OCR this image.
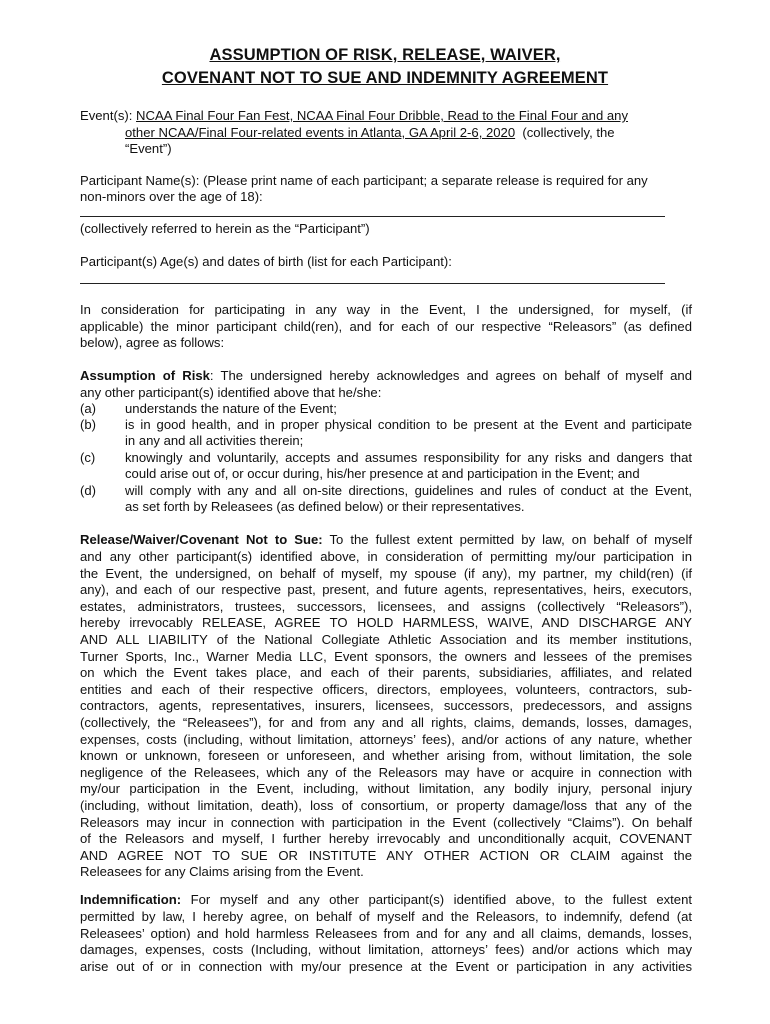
ASSUMPTION OF RISK, RELEASE, WAIVER,
COVENANT NOT TO SUE AND INDEMNITY AGREEMENT
Event(s): NCAA Final Four Fan Fest, NCAA Final Four Dribble, Read to the Final Four and any
other NCAA/Final Four-related events in Atlanta, GA April 2-6, 2020 (collectively, the
“Event”)
Participant Name(s): (Please print name of each participant; a separate release is required for any
non-minors over the age of 18):
(collectively referred to herein as the “Participant”)
Participant(s) Age(s) and dates of birth (list for each Participant):
In consideration for participating in any way in the Event, I the undersigned, for myself, (if
applicable) the minor participant child(ren), and for each of our respective “Releasors” (as defined
below), agree as follows:
Assumption of Risk: The undersigned hereby acknowledges and agrees on behalf of myself and
any other participant(s) identified above that he/she:
(a) understands the nature of the Event;
(b) is in good health, and in proper physical condition to be present at the Event and participate
in any and all activities therein;
(c) knowingly and voluntarily, accepts and assumes responsibility for any risks and dangers that
could arise out of, or occur during, his/her presence at and participation in the Event; and
(d) will comply with any and all on-site directions, guidelines and rules of conduct at the Event,
as set forth by Releasees (as defined below) or their representatives.
Release/Waiver/Covenant Not to Sue: To the fullest extent permitted by law, on behalf of myself
and any other participant(s) identified above, in consideration of permitting my/our participation in
the Event, the undersigned, on behalf of myself, my spouse (if any), my partner, my child(ren) (if
any), and each of our respective past, present, and future agents, representatives, heirs, executors,
estates, administrators, trustees, successors, licensees, and assigns (collectively “Releasors”),
hereby irrevocably RELEASE, AGREE TO HOLD HARMLESS, WAIVE, AND DISCHARGE ANY
AND ALL LIABILITY of the National Collegiate Athletic Association and its member institutions,
Turner Sports, Inc., Warner Media LLC, Event sponsors, the owners and lessees of the premises
on which the Event takes place, and each of their parents, subsidiaries, affiliates, and related
entities and each of their respective officers, directors, employees, volunteers, contractors, sub-
contractors, agents, representatives, insurers, licensees, successors, predecessors, and assigns
(collectively, the “Releasees”), for and from any and all rights, claims, demands, losses, damages,
expenses, costs (including, without limitation, attorneys’ fees), and/or actions of any nature, whether
known or unknown, foreseen or unforeseen, and whether arising from, without limitation, the sole
negligence of the Releasees, which any of the Releasors may have or acquire in connection with
my/our participation in the Event, including, without limitation, any bodily injury, personal injury
(including, without limitation, death), loss of consortium, or property damage/loss that any of the
Releasors may incur in connection with participation in the Event (collectively “Claims”). On behalf
of the Releasors and myself, I further hereby irrevocably and unconditionally acquit, COVENANT
AND AGREE NOT TO SUE OR INSTITUTE ANY OTHER ACTION OR CLAIM against the
Releasees for any Claims arising from the Event.
Indemnification: For myself and any other participant(s) identified above, to the fullest extent
permitted by law, I hereby agree, on behalf of myself and the Releasors, to indemnify, defend (at
Releasees’ option) and hold harmless Releasees from and for any and all claims, demands, losses,
damages, expenses, costs (Including, without limitation, attorneys’ fees) and/or actions which may
arise out of or in connection with my/our presence at the Event or participation in any activities
